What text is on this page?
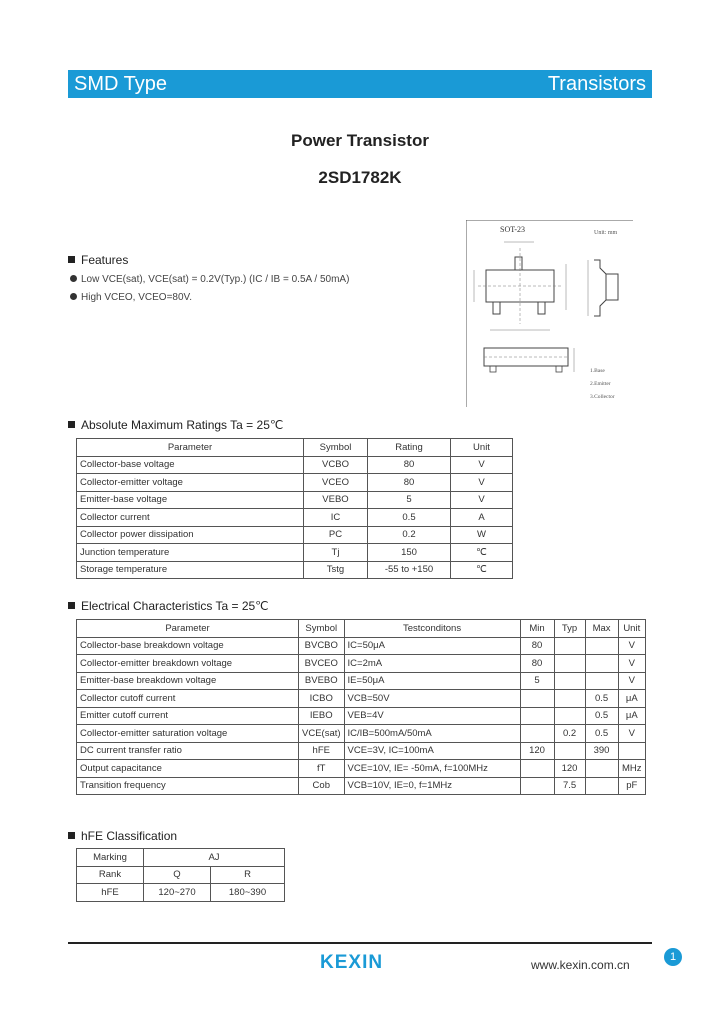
SMD Type	Transistors
Power Transistor
2SD1782K
Features
Low VCE(sat), VCE(sat) = 0.2V(Typ.) (IC / IB = 0.5A / 50mA)
High VCEO, VCEO=80V.
SOT-23	Unit: mm
1.Base
2.Emitter
3.Collector
Absolute Maximum Ratings Ta = 25℃
Parameter	Symbol	Rating	Unit
Collector-base voltage	VCBO	80	V
Collector-emitter voltage	VCEO	80	V
Emitter-base voltage	VEBO	5	V
Collector current	IC	0.5	A
Collector power dissipation	PC	0.2	W
Junction temperature	Tj	150	℃
Storage temperature	Tstg	-55 to +150	℃
Electrical Characteristics Ta = 25℃
Parameter	Symbol	Testconditons	Min	Typ	Max	Unit
Collector-base breakdown voltage	BVCBO	IC=50μA	80			V
Collector-emitter breakdown voltage	BVCEO	IC=2mA	80			V
Emitter-base breakdown voltage	BVEBO	IE=50μA	5			V
Collector cutoff current	ICBO	VCB=50V			0.5	μA
Emitter cutoff current	IEBO	VEB=4V			0.5	μA
Collector-emitter saturation voltage	VCE(sat)	IC/IB=500mA/50mA		0.2	0.5	V
DC current transfer ratio	hFE	VCE=3V, IC=100mA	120		390	
Output capacitance	fT	VCE=10V, IE= -50mA, f=100MHz		120		MHz
Transition frequency	Cob	VCB=10V, IE=0, f=1MHz		7.5		pF
hFE Classification
Marking	AJ	
Rank	Q	R
hFE	120~270	180~390
KEXIN	www.kexin.com.cn
1
